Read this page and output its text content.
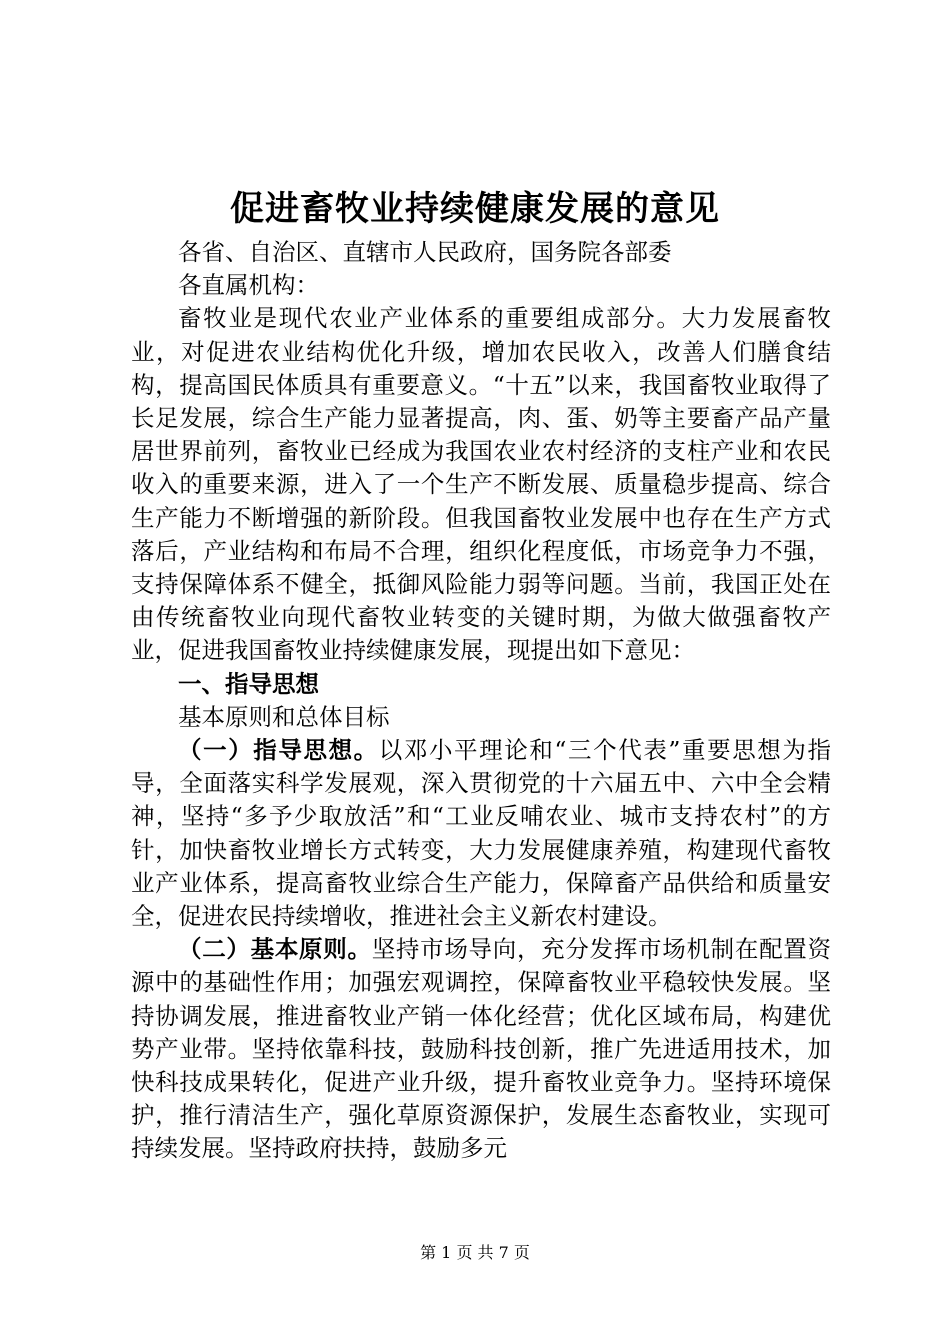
促进畜牧业持续健康发展的意见

各省、自治区、直辖市人民政府，国务院各部委

各直属机构：

畜牧业是现代农业产业体系的重要组成部分。大力发展畜牧业，对促进农业结构优化升级，增加农民收入，改善人们膳食结构，提高国民体质具有重要意义。“十五”以来，我国畜牧业取得了长足发展，综合生产能力显著提高，肉、蛋、奶等主要畜产品产量居世界前列，畜牧业已经成为我国农业农村经济的支柱产业和农民收入的重要来源，进入了一个生产不断发展、质量稳步提高、综合生产能力不断增强的新阶段。但我国畜牧业发展中也存在生产方式落后，产业结构和布局不合理，组织化程度低，市场竞争力不强，支持保障体系不健全，抵御风险能力弱等问题。当前，我国正处在由传统畜牧业向现代畜牧业转变的关键时期，为做大做强畜牧产业，促进我国畜牧业持续健康发展，现提出如下意见：

一、指导思想

基本原则和总体目标

（一）指导思想。以邓小平理论和“三个代表”重要思想为指导，全面落实科学发展观，深入贯彻党的十六届五中、六中全会精神，坚持“多予少取放活”和“工业反哺农业、城市支持农村”的方针，加快畜牧业增长方式转变，大力发展健康养殖，构建现代畜牧业产业体系，提高畜牧业综合生产能力，保障畜产品供给和质量安全，促进农民持续增收，推进社会主义新农村建设。

（二）基本原则。坚持市场导向，充分发挥市场机制在配置资源中的基础性作用；加强宏观调控，保障畜牧业平稳较快发展。坚持协调发展，推进畜牧业产销一体化经营；优化区域布局，构建优势产业带。坚持依靠科技，鼓励科技创新，推广先进适用技术，加快科技成果转化，促进产业升级，提升畜牧业竞争力。坚持环境保护，推行清洁生产，强化草原资源保护，发展生态畜牧业，实现可持续发展。坚持政府扶持，鼓励多元

第 1 页 共 7 页
